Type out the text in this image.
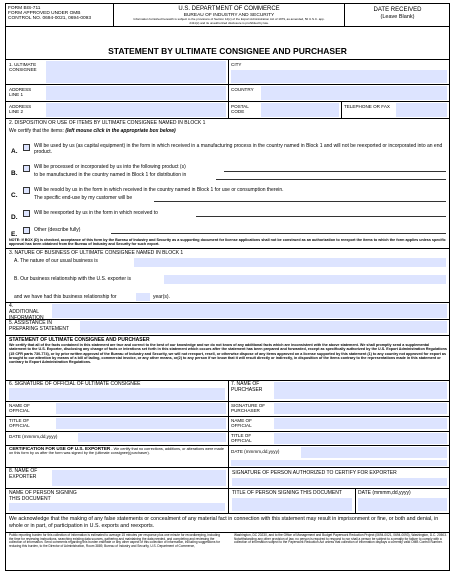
FORM BIS-711
FORM APPROVED UNDER OMB
CONTROL NO. 0694-0021, 0694-0093
U.S. DEPARTMENT OF COMMERCE
BUREAU OF INDUSTRY AND SECURITY
Information furnished herewith is subject to the provisions of Section 12(c) of the Export Administration Act of 1979, as amended, 50 U.S.C. app. 2411(c) and its unauthorized disclosure is prohibited by law.
DATE RECEIVED
(Leave Blank)
STATEMENT BY ULTIMATE CONSIGNEE AND PURCHASER
1. ULTIMATE CONSIGNEE
CITY
ADDRESS LINE 1
COUNTRY
ADDRESS LINE 2
POSTAL CODE
TELEPHONE OR FAX
2. DISPOSITION OR USE OF ITEMS BY ULTIMATE CONSIGNEE NAMED IN BLOCK 1
We certify that the items: (left mouse click in the appropriate box below)
A.
Will be used by us (as capital equipment) in the form in which received in a manufacturing process in the country named in Block 1 and will not be reexported or incorporated into an end product.
B.
Will be processed or incorporated by us into the following product (s)
to be manufactured in the country named in Block 1 for distribution in
C.
Will be resold by us in the form in which received in the country named in Block 1 for use or consumption therein.
The specific end-use by my customer will be
D.
Will be reexported by us in the form in which received to
E.
Other (describe fully)
NOTE: If BOX (D) is checked, acceptance of this form by the Bureau of Industry and Security as a supporting document for license applications shall not be construed as an authorization to reexport the items to which the form applies unless specific approval has been obtained from the Bureau of Industry and Security for such export.
3. NATURE OF BUSINESS OF ULTIMATE CONSIGNEE NAMED IN BLOCK 1
A. The nature of our usual business is
B. Our business relationship with the U.S. exporter is
and we have had this business relationship for	year(s).
4. ADDITIONAL INFORMATION
5. ASSISTANCE IN PREPARING STATEMENT
STATEMENT OF ULTIMATE CONSIGNEE AND PURCHASER
We certify that all of the facts contained in this statement are true and correct to the best of our knowledge and we do not know of any additional facts which are inconsistent with the above statement. We shall promptly send a supplemental statement to the U.S. Exporter, disclosing any change of facts or intentions set forth in this statement which occurs after the statement has been prepared and forwarded, except as specifically authorized by the U.S. Export Administration Regulations (15 CFR parts 730-774), or by prior written approval of the Bureau of Industry and Security, we will not reexport, resell, or otherwise dispose of any items approved on a license supported by this statement (1) to any country not approved for export as brought to our attention by means of a bill of lading, commercial invoice, or any other means, or(2) to any person if we know that it will result directly or indirectly, in disposition of the items contrary to the representations made in this statement or contrary to Export Administration Regulations.
6. SIGNATURE OF OFFICIAL OF ULTIMATE CONSIGNEE	7. NAME OF PURCHASER
NAME OF OFFICIAL
SIGNATURE OF PURCHASER
TITLE OF OFFICIAL
NAME OF OFFICIAL
DATE (mmmm,dd,yyyy)	TITLE OF OFFICIAL
CERTIFICATION FOR USE OF U.S. EXPORTER - We certify that no corrections, additions, or alterations were made on this form by us after the form was signed by the (ultimate consignee)(purchaser).	DATE (mmmm,dd,yyyy)
8. NAME OF EXPORTER
SIGNATURE OF PERSON AUTHORIZED TO CERTIFY FOR EXPORTER
NAME OF PERSON SIGNING THIS DOCUMENT
TITLE OF PERSON SIGNING THIS DOCUMENT	DATE (mmmm,dd,yyyy)
We acknowledge that the making of any false statements or concealment of any material fact in connection with this statement may result in imprisonment or fine, or both and denial, in whole or in part, of participation in U.S. exports and reexports.
Public reporting burden for this collection of information is estimated to average 15 minutes per response plus one minute for recordkeeping, including the time for reviewing instructions, searching existing data sources, gathering and maintaining the data needed, and completing and reviewing the collection of information. Send comments regarding this burden estimate or any other aspect of this collection of information, including suggestions for reducing this burden, to the Director of Administration, Room 3889, Bureau of Industry and Security, U.S. Department of Commerce,
Washington, DC 20230, and to the Office of Management and Budget Paperwork Reduction Project (0694-0021, 0694-0093), Washington, D.C. 20503. Notwithstanding any other provision of law, no person is required to respond to nor shall a person be subject to a penalty for failure to comply with a collection of information subject to the Paperwork Reduction Act unless that collection of information displays a currently valid OMB Control Number.
